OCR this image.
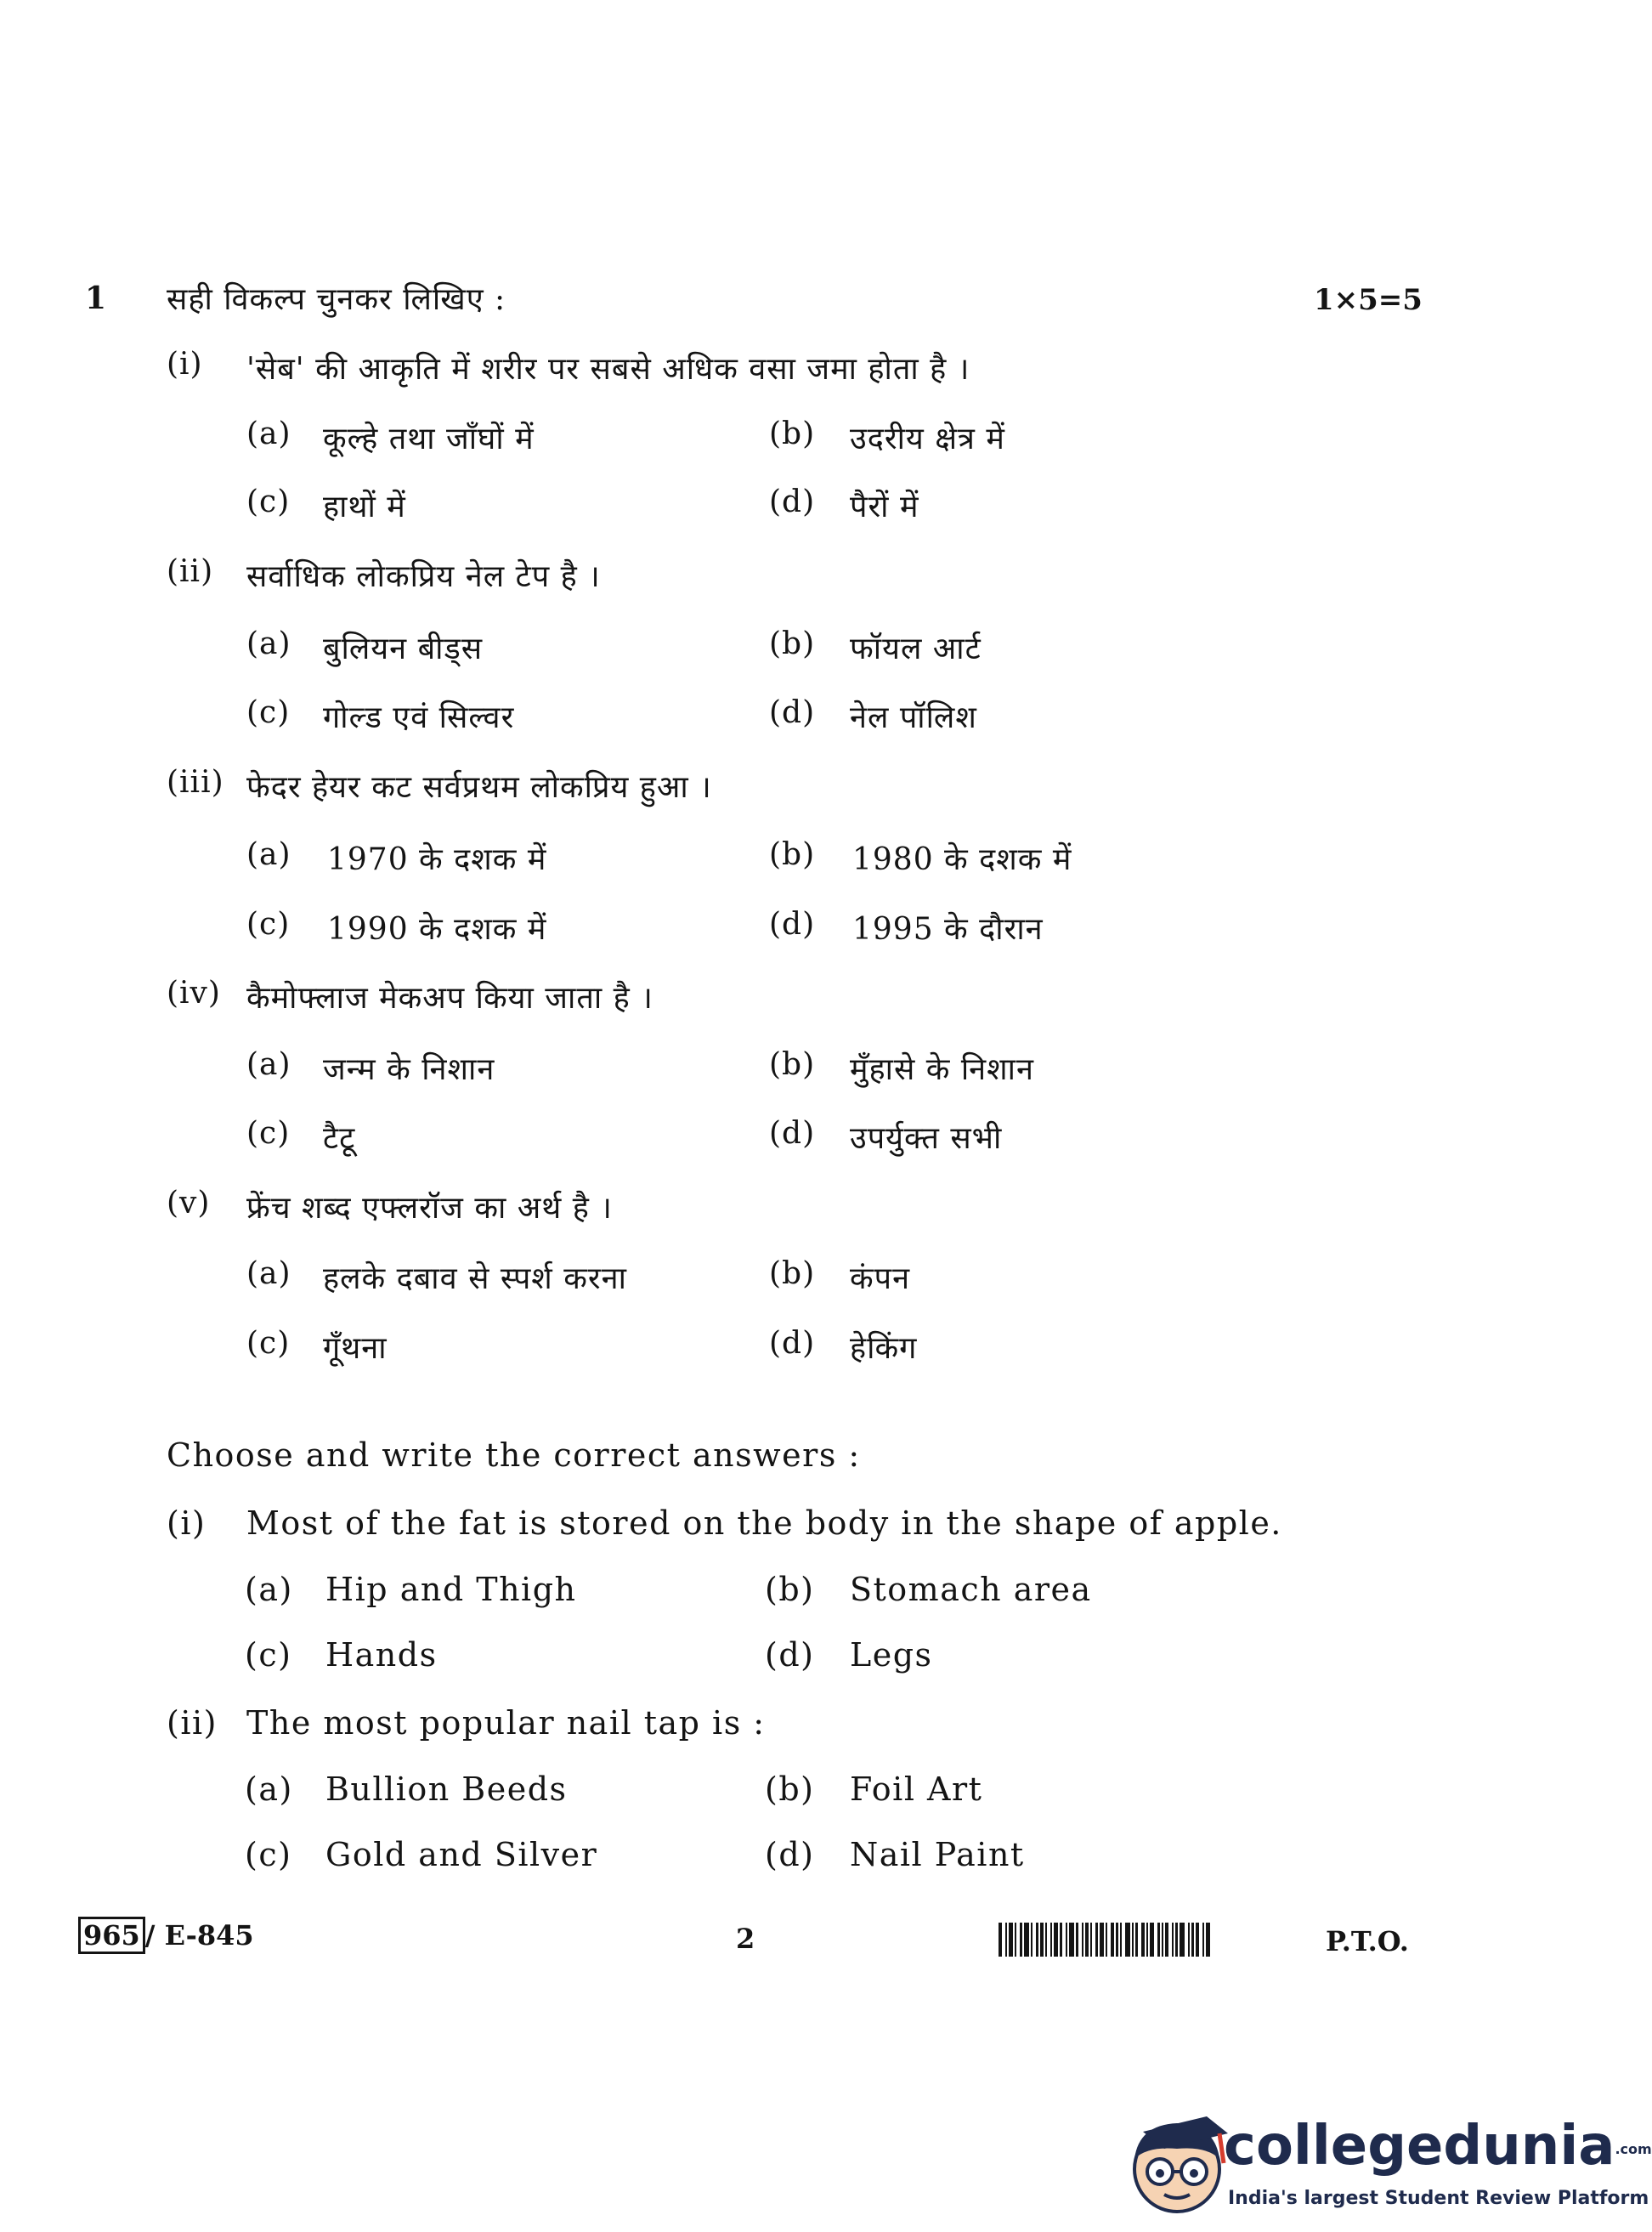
1 सही विकल्प चुनकर लिखिए :	1×5=5
(i) 'सेब' की आकृति में शरीर पर सबसे अधिक वसा जमा होता है ।
(a) कूल्हे तथा जाँघों में	(b) उदरीय क्षेत्र में
(c) हाथों में	(d) पैरों में
(ii) सर्वाधिक लोकप्रिय नेल टेप है ।
(a) बुलियन बीड्स	(b) फॉयल आर्ट
(c) गोल्ड एवं सिल्वर	(d) नेल पॉलिश
(iii) फेदर हेयर कट सर्वप्रथम लोकप्रिय हुआ ।
(a) 1970 के दशक में	(b) 1980 के दशक में
(c) 1990 के दशक में	(d) 1995 के दौरान
(iv) कैमोफ्लाज मेकअप किया जाता है ।
(a) जन्म के निशान	(b) मुँहासे के निशान
(c) टैटू	(d) उपर्युक्त सभी
(v) फ्रेंच शब्द एफ्लरॉज का अर्थ है ।
(a) हलके दबाव से स्पर्श करना	(b) कंपन
(c) गूँथना	(d) हेकिंग
Choose and write the correct answers :
(i) Most of the fat is stored on the body in the shape of apple.
(a) Hip and Thigh	(b) Stomach area
(c) Hands	(d) Legs
(ii) The most popular nail tap is :
(a) Bullion Beeds	(b) Foil Art
(c) Gold and Silver	(d) Nail Paint
965 / E-845	2	P.T.O.
collegedunia.com
India's largest Student Review Platform
